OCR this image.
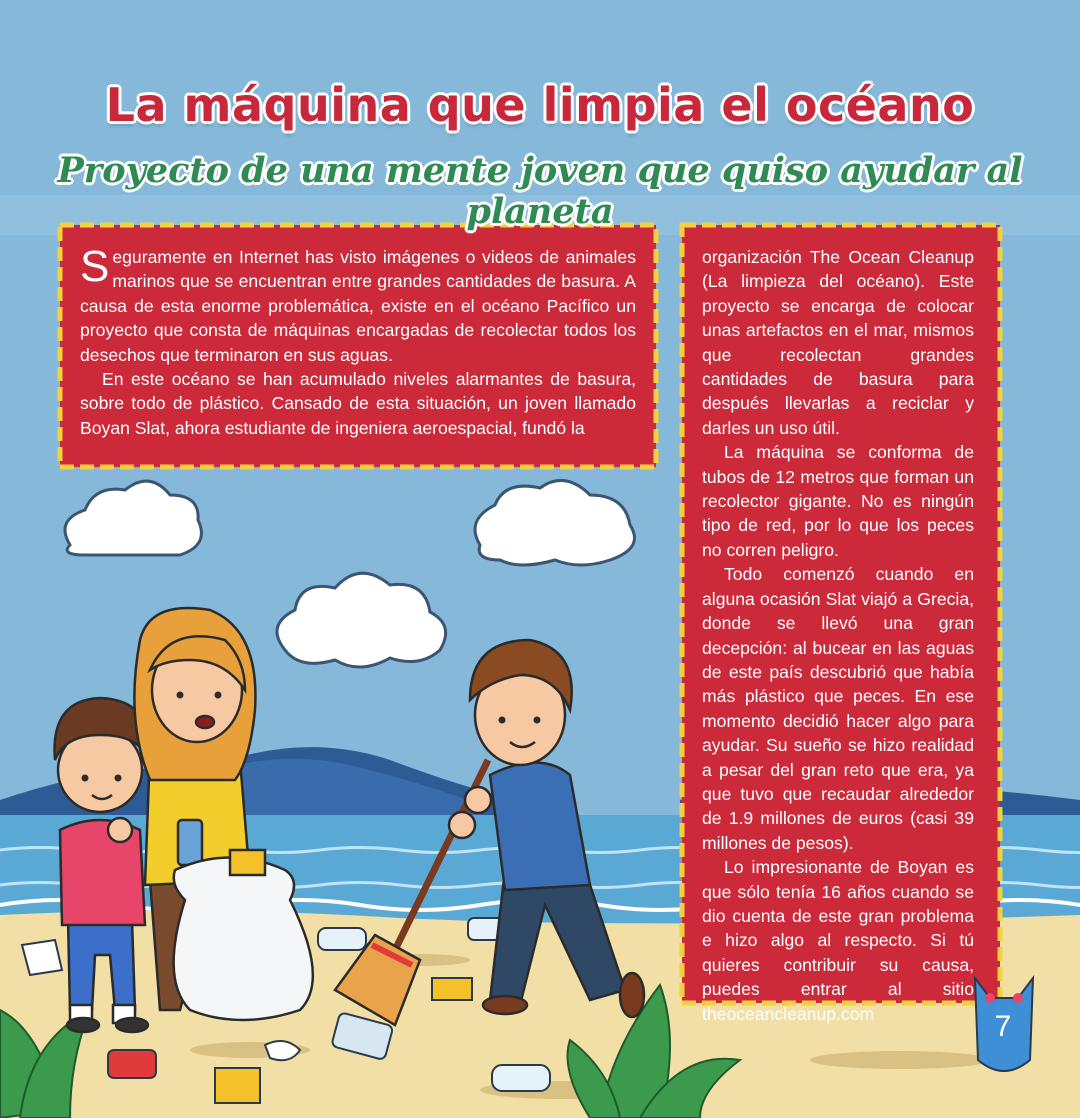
La máquina que limpia el océano
Proyecto de una mente joven que quiso ayudar al planeta

Seguramente en Internet has visto imágenes o videos de animales marinos que se encuentran entre grandes cantidades de basura. A causa de esta enorme problemática, existe en el océano Pacífico un proyecto que consta de máquinas encargadas de recolectar todos los desechos que terminaron en sus aguas.

En este océano se han acumulado niveles alarmantes de basura, sobre todo de plástico. Cansado de esta situación, un joven llamado Boyan Slat, ahora estudiante de ingeniera aeroespacial, fundó la

organización The Ocean Cleanup (La limpieza del océano). Este proyecto se encarga de colocar unas artefactos en el mar, mismos que recolectan grandes cantidades de basura para después llevarlas a reciclar y darles un uso útil.

La máquina se conforma de tubos de 12 metros que forman un recolector gigante. No es ningún tipo de red, por lo que los peces no corren peligro.

Todo comenzó cuando en alguna ocasión Slat viajó a Grecia, donde se llevó una gran decepción: al bucear en las aguas de este país descubrió que había más plástico que peces. En ese momento decidió hacer algo para ayudar. Su sueño se hizo realidad a pesar del gran reto que era, ya que tuvo que recaudar alrededor de 1.9 millones de euros (casi 39 millones de pesos).

Lo impresionante de Boyan es que sólo tenía 16 años cuando se dio cuenta de este gran problema e hizo algo al respecto. Si tú quieres contribuir su causa, puedes entrar al sitio theoceancleanup.com	7
